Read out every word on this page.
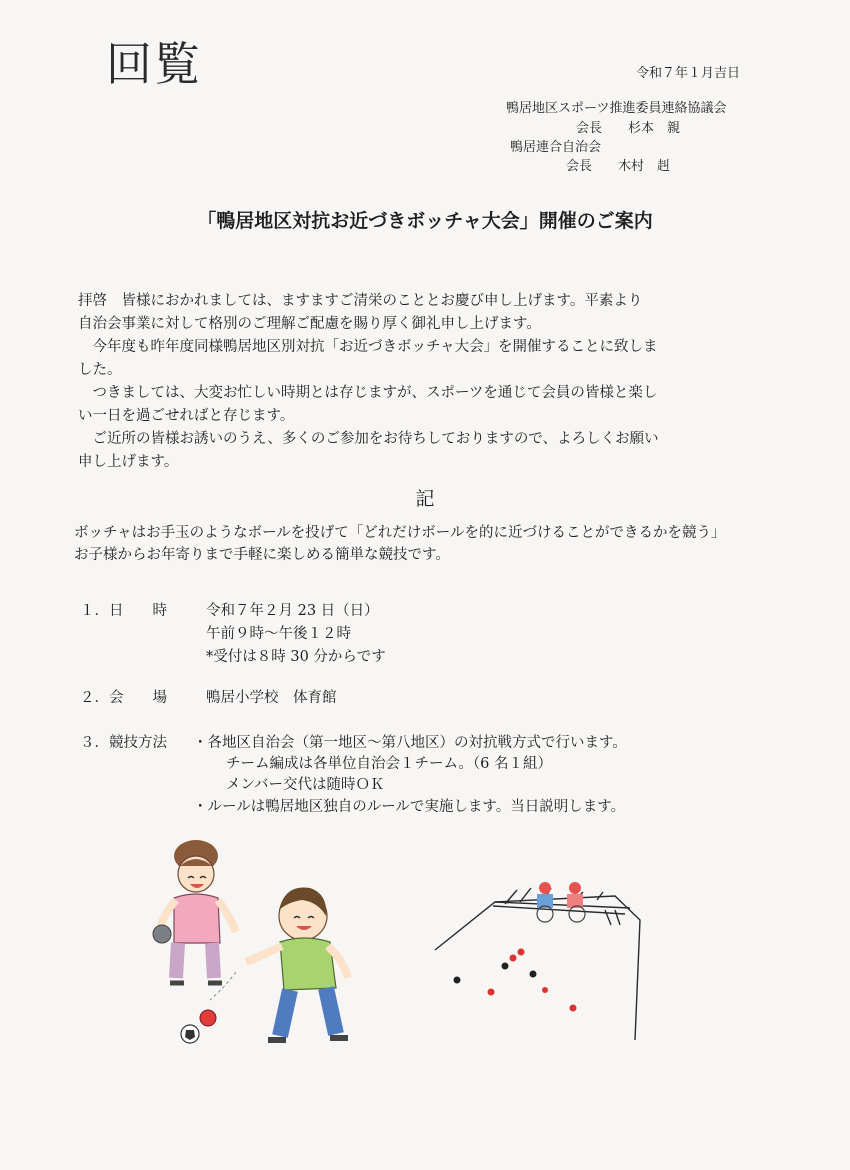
回覧	令和７年１月吉日
鴨居地区スポーツ推進委員連絡協議会
会長　　杉本　親
鴨居連合自治会
会長　　木村　赳
「鴨居地区対抗お近づきボッチャ大会」開催のご案内

拝啓　皆様におかれましては、ますますご清栄のこととお慶び申し上げます。平素より

自治会事業に対して格別のご理解ご配慮を賜り厚く御礼申し上げます。

　今年度も昨年度同様鴨居地区別対抗「お近づきボッチャ大会」を開催することに致しま

した。

　つきましては、大変お忙しい時期とは存じますが、スポーツを通じて会員の皆様と楽し

い一日を過ごせればと存じます。

　ご近所の皆様お誘いのうえ、多くのご参加をお待ちしておりますので、よろしくお願い

申し上げます。

記

ボッチャはお手玉のようなボールを投げて「どれだけボールを的に近づけることができるかを競う」

お子様からお年寄りまで手軽に楽しめる簡単な競技です。

１．日　　時	令和７年２月 23 日（日）
午前９時～午後１２時
*受付は８時 30 分からです
２．会　　場	鴨居小学校　体育館
３．競技方法 ・各地区自治会（第一地区～第八地区）の対抗戦方式で行います。
チーム編成は各単位自治会１チーム。（6 名１組）
メンバー交代は随時ＯＫ
・ルールは鴨居地区独自のルールで実施します。当日説明します。
